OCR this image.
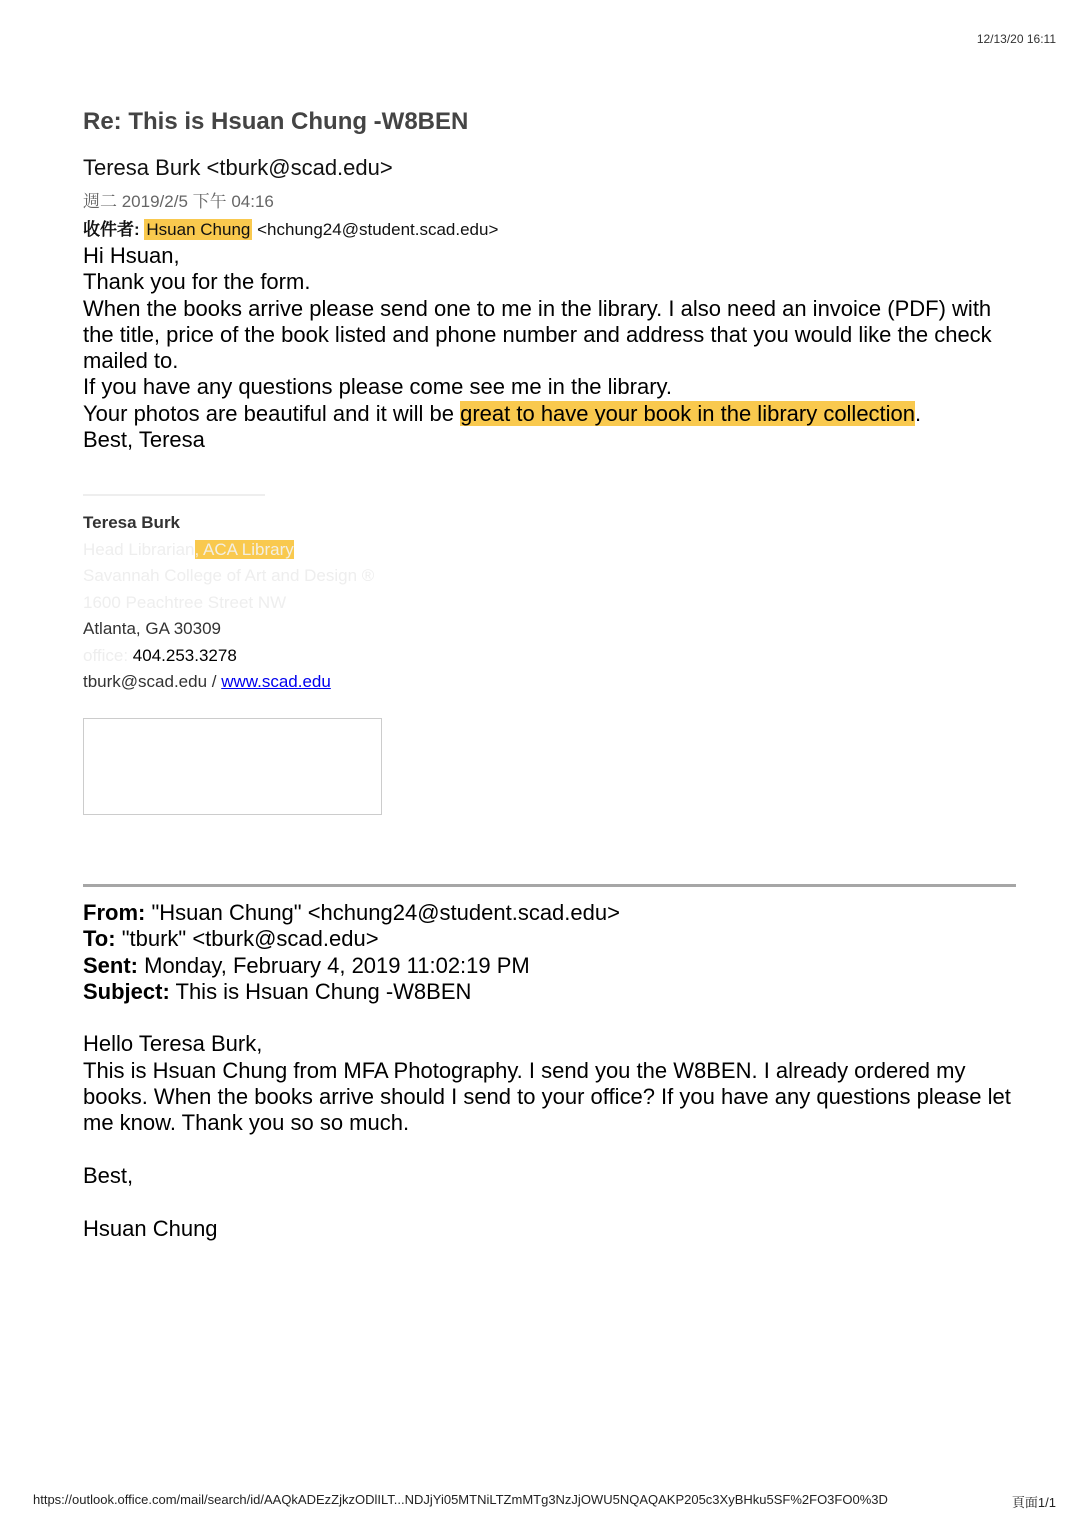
12/13/20 16:11
Re: This is Hsuan Chung -W8BEN
Teresa Burk <tburk@scad.edu>
週二 2019/2/5 下午 04:16
收件者: Hsuan Chung <hchung24@student.scad.edu>

Hi Hsuan,

Thank you for the form.

When the books arrive please send one to me in the library. I also need an invoice (PDF) with the title, price of the book listed and phone number and address that you would like the check mailed to.

If you have any questions please come see me in the library.

Your photos are beautiful and it will be great to have your book in the library collection.

Best, Teresa

Teresa Burk
Head Librarian, ACA Library
Savannah College of Art and Design ®
1600 Peachtree Street NW
Atlanta, GA 30309
office: 404.253.3278
tburk@scad.edu / www.scad.edu

From: "Hsuan Chung" <hchung24@student.scad.edu>

To: "tburk" <tburk@scad.edu>

Sent: Monday, February 4, 2019 11:02:19 PM

Subject: This is Hsuan Chung -W8BEN

Hello Teresa Burk,

This is Hsuan Chung from MFA Photography. I send you the W8BEN. I already ordered my books. When the books arrive should I send to your office? If you have any questions please let me know. Thank you so so much.

Best,

Hsuan Chung

https://outlook.office.com/mail/search/id/AAQkADEzZjkzODlILT...NDJjYi05MTNiLTZmMTg3NzJjOWU5NQAQAKP205c3XyBHku5SF%2FO3FO0%3D	頁面1/1
